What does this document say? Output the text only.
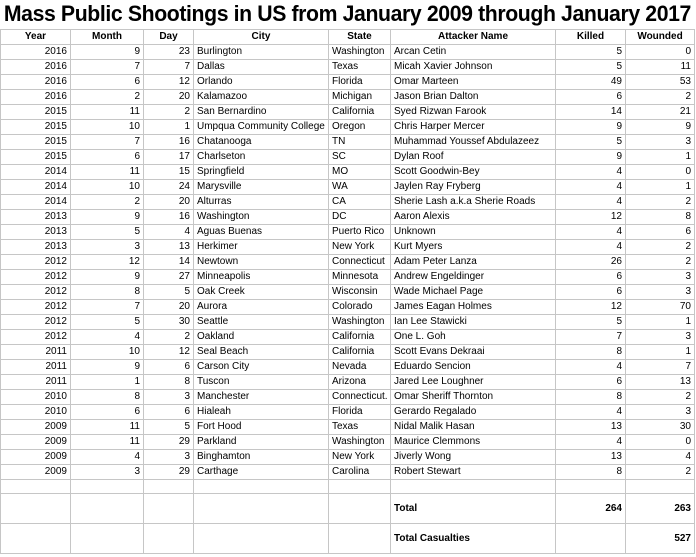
Mass Public Shootings in US from January 2009 through January 2017
Year	Month	Day	City	State	Attacker Name	Killed	Wounded
2016	9	23	Burlington	Washington	Arcan Cetin	5	0
2016	7	7	Dallas	Texas	Micah Xavier Johnson	5	11
2016	6	12	Orlando	Florida	Omar Marteen	49	53
2016	2	20	Kalamazoo	Michigan	Jason Brian Dalton	6	2
2015	11	2	San Bernardino	California	Syed Rizwan Farook	14	21
2015	10	1	Umpqua Community College	Oregon	Chris Harper Mercer	9	9
2015	7	16	Chatanooga	TN	Muhammad Youssef Abdulazeez	5	3
2015	6	17	Charlseton	SC	Dylan Roof	9	1
2014	11	15	Springfield	MO	Scott Goodwin-Bey	4	0
2014	10	24	Marysville	WA	Jaylen Ray Fryberg	4	1
2014	2	20	Alturras	CA	Sherie Lash a.k.a Sherie Roads	4	2
2013	9	16	Washington	DC	Aaron Alexis	12	8
2013	5	4	Aguas Buenas	Puerto Rico	Unknown	4	6
2013	3	13	Herkimer	New York	Kurt Myers	4	2
2012	12	14	Newtown	Connecticut	Adam Peter Lanza	26	2
2012	9	27	Minneapolis	Minnesota	Andrew Engeldinger	6	3
2012	8	5	Oak Creek	Wisconsin	Wade Michael Page	6	3
2012	7	20	Aurora	Colorado	James Eagan Holmes	12	70
2012	5	30	Seattle	Washington	Ian Lee Stawicki	5	1
2012	4	2	Oakland	California	One L. Goh	7	3
2011	10	12	Seal Beach	California	Scott Evans Dekraai	8	1
2011	9	6	Carson City	Nevada	Eduardo Sencion	4	7
2011	1	8	Tuscon	Arizona	Jared Lee Loughner	6	13
2010	8	3	Manchester	Connecticut.	Omar Sheriff Thornton	8	2
2010	6	6	Hialeah	Florida	Gerardo Regalado	4	3
2009	11	5	Fort Hood	Texas	Nidal Malik Hasan	13	30
2009	11	29	Parkland	Washington	Maurice Clemmons	4	0
2009	4	3	Binghamton	New York	Jiverly Wong	13	4
2009	3	29	Carthage	Carolina	Robert Stewart	8	2

					Total	264	263
					Total Casualties		527
